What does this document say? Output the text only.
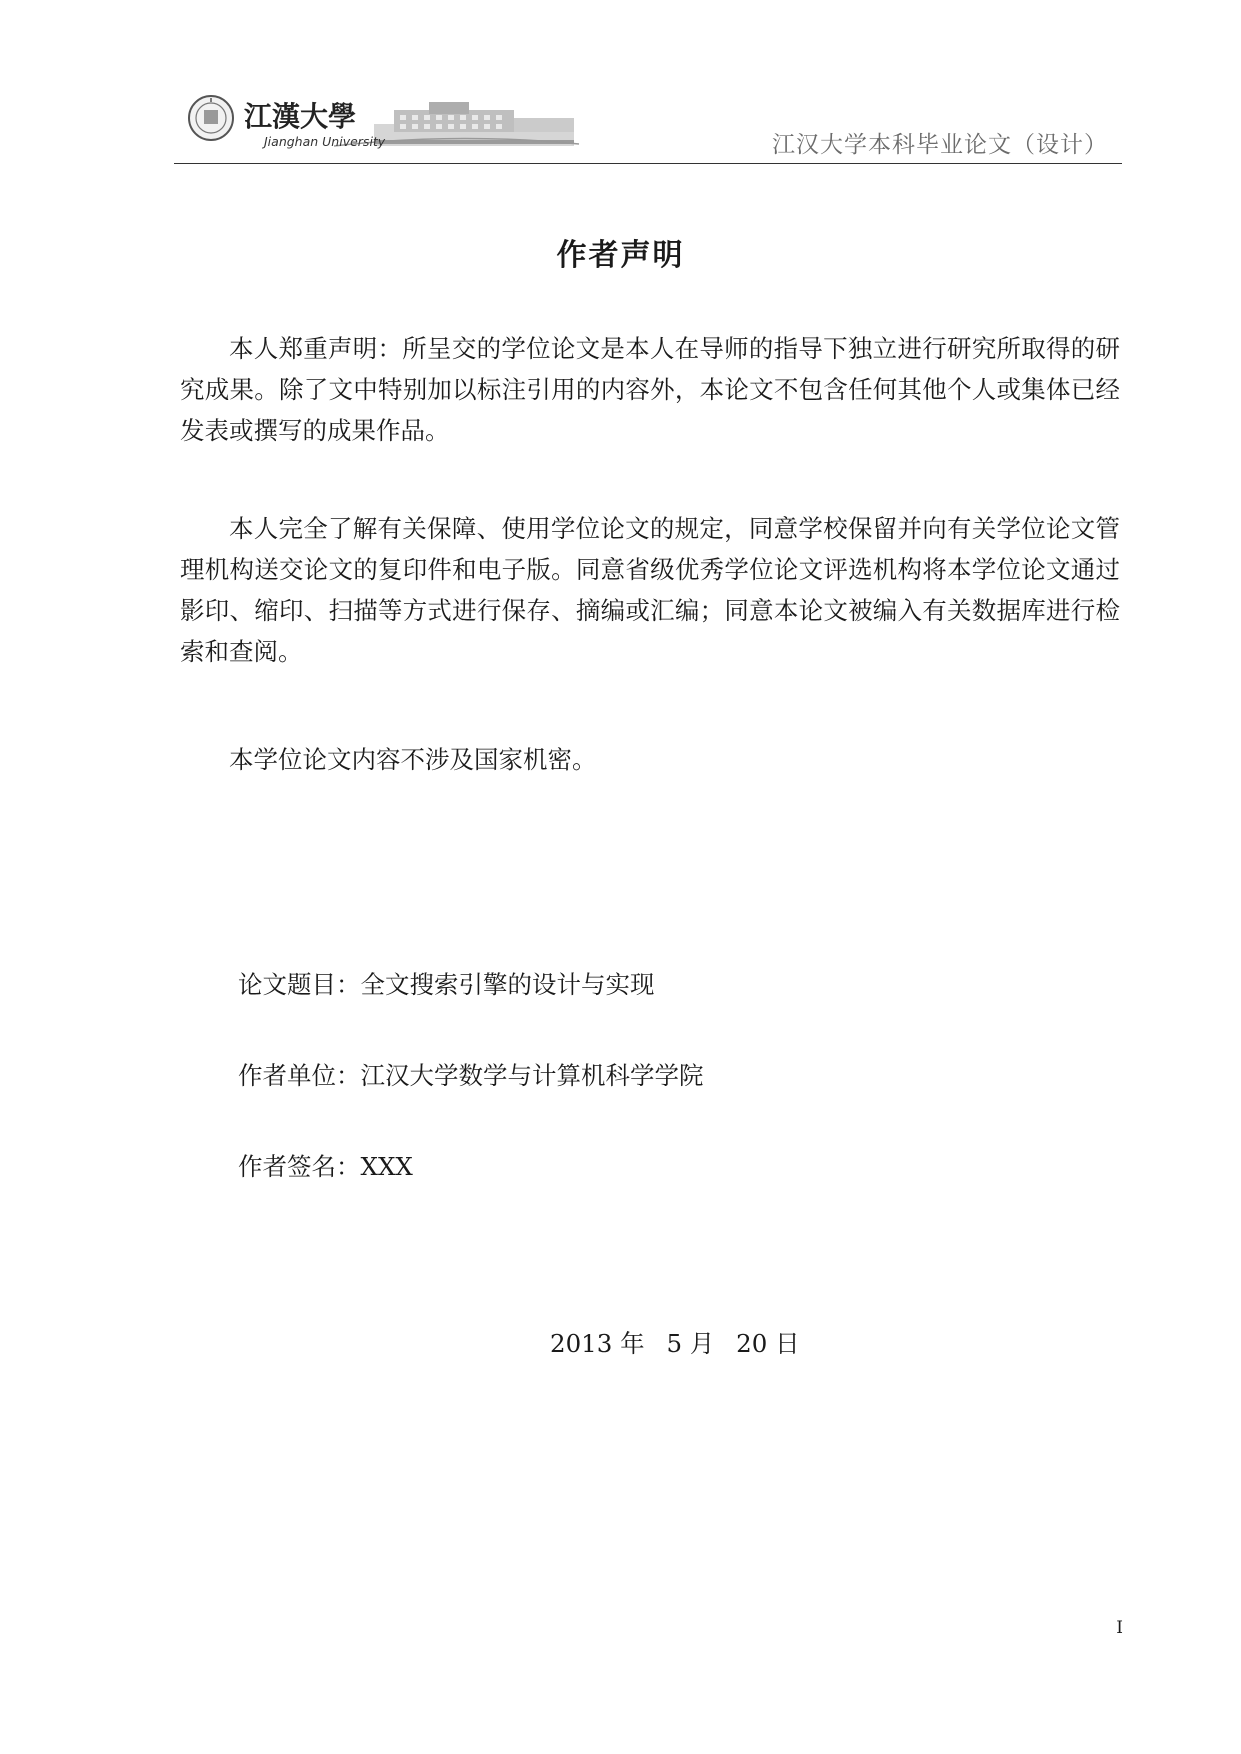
江漢大學
Jianghan University	江汉大学本科毕业论文（设计）
作者声明

本人郑重声明：所呈交的学位论文是本人在导师的指导下独立进行研究所取得的研究成果。除了文中特别加以标注引用的内容外，本论文不包含任何其他个人或集体已经发表或撰写的成果作品。

本人完全了解有关保障、使用学位论文的规定，同意学校保留并向有关学位论文管理机构送交论文的复印件和电子版。同意省级优秀学位论文评选机构将本学位论文通过影印、缩印、扫描等方式进行保存、摘编或汇编；同意本论文被编入有关数据库进行检索和查阅。

本学位论文内容不涉及国家机密。

论文题目：全文搜索引擎的设计与实现

作者单位：江汉大学数学与计算机科学学院

作者签名：XXX

2013 年 5 月 20 日
I
